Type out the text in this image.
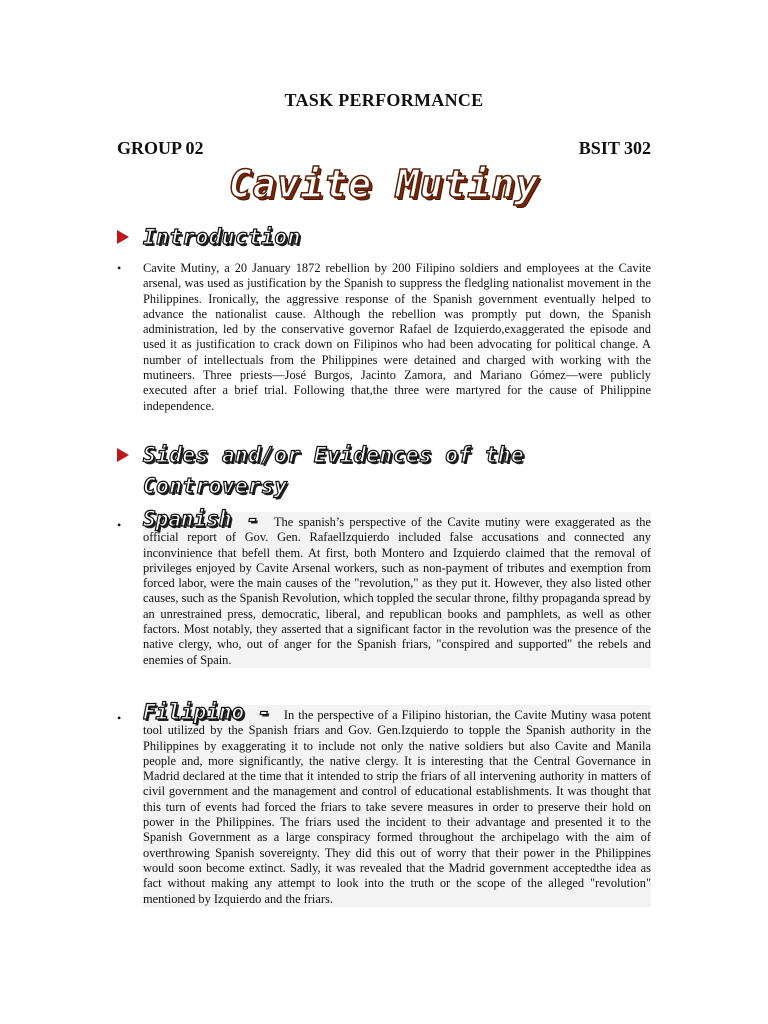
TASK PERFORMANCE
GROUP 02	BSIT 302
Cavite Mutiny
Introduction
• Cavite Mutiny, a 20 January 1872 rebellion by 200 Filipino soldiers and employees at the Cavite arsenal, was used as justification by the Spanish to suppress the fledgling nationalist movement in the Philippines. Ironically, the aggressive response of the Spanish government eventually helped to advance the nationalist cause. Although the rebellion was promptly put down, the Spanish administration, led by the conservative governor Rafael de Izquierdo,exaggerated the episode and used it as justification to crack down on Filipinos who had been advocating for political change. A number of intellectuals from the Philippines were detained and charged with working with the mutineers. Three priests—José Burgos, Jacinto Zamora, and Mariano Gómez—were publicly executed after a brief trial. Following that,the three were martyred for the cause of Philippine independence.

Sides and/or Evidences of the
Controversy
• Spanish - The spanish’s perspective of the Cavite mutiny were exaggerated as the official report of Gov. Gen. RafaelIzquierdo included false accusations and connected any inconvinience that befell them. At first, both Montero and Izquierdo claimed that the removal of privileges enjoyed by Cavite Arsenal workers, such as non-payment of tributes and exemption from forced labor, were the main causes of the "revolution," as they put it. However, they also listed other causes, such as the Spanish Revolution, which toppled the secular throne, filthy propaganda spread by an unrestrained press, democratic, liberal, and republican books and pamphlets, as well as other factors. Most notably, they asserted that a significant factor in the revolution was the presence of the native clergy, who, out of anger for the Spanish friars, "conspired and supported" the rebels and enemies of Spain.

• Filipino - In the perspective of a Filipino historian, the Cavite Mutiny wasa potent tool utilized by the Spanish friars and Gov. Gen.Izquierdo to topple the Spanish authority in the Philippines by exaggerating it to include not only the native soldiers but also Cavite and Manila people and, more significantly, the native clergy. It is interesting that the Central Governance in Madrid declared at the time that it intended to strip the friars of all intervening authority in matters of civil government and the management and control of educational establishments. It was thought that this turn of events had forced the friars to take severe measures in order to preserve their hold on power in the Philippines. The friars used the incident to their advantage and presented it to the Spanish Government as a large conspiracy formed throughout the archipelago with the aim of overthrowing Spanish sovereignty. They did this out of worry that their power in the Philippines would soon become extinct. Sadly, it was revealed that the Madrid government acceptedthe idea as fact without making any attempt to look into the truth or the scope of the alleged "revolution" mentioned by Izquierdo and the friars.
